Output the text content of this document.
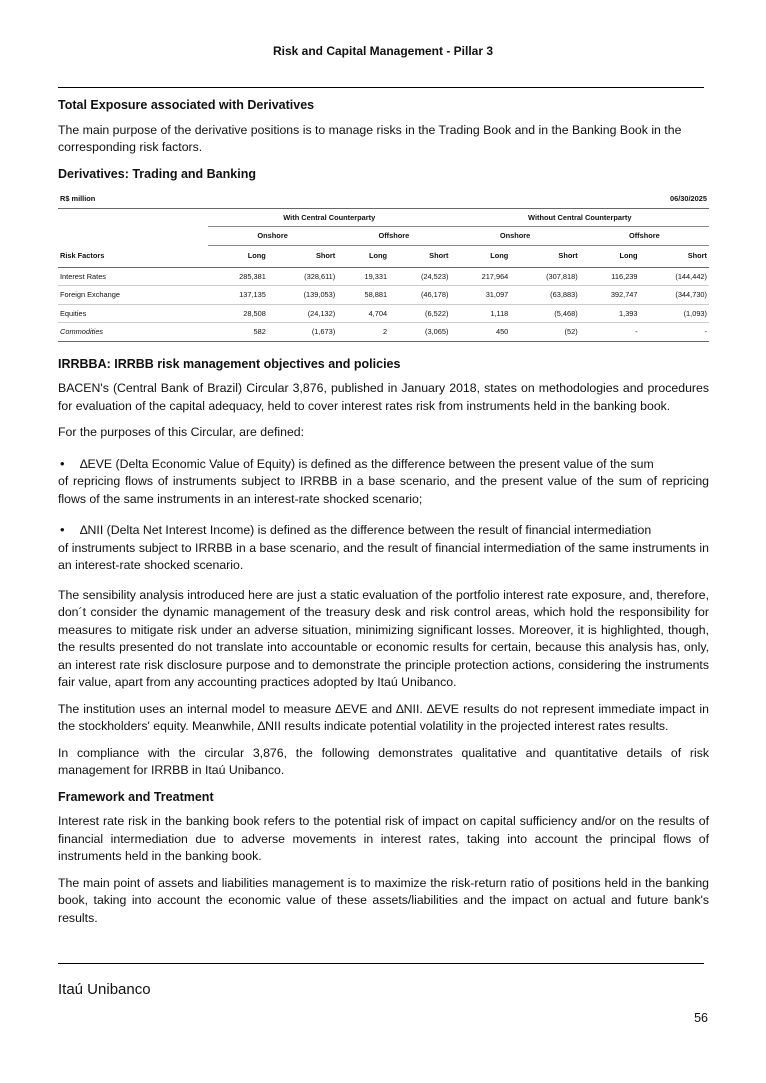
Risk and Capital Management - Pillar 3
Total Exposure associated with Derivatives

The main purpose of the derivative positions is to manage risks in the Trading Book and in the Banking Book in the corresponding risk factors.

Derivatives: Trading and Banking
R$ million	06/30/2025							
	With Central Counterparty				Without Central Counterparty			
	Onshore		Offshore		Onshore		Offshore	
Risk Factors	Long	Short	Long	Short	Long	Short	Long	Short
Interest Rates	285,381	(328,611)	19,331	(24,523)	217,964	(307,818)	116,239	(144,442)
Foreign Exchange	137,135	(139,053)	58,881	(46,178)	31,097	(63,883)	392,747	(344,730)
Equities	28,508	(24,132)	4,704	(6,522)	1,118	(5,468)	1,393	(1,093)
Commodities	582	(1,673)	2	(3,065)	450	(52)	-	-
IRRBBA: IRRBB risk management objectives and policies

BACEN's (Central Bank of Brazil) Circular 3,876, published in January 2018, states on methodologies and procedures for evaluation of the capital adequacy, held to cover interest rates risk from instruments held in the banking book.

For the purposes of this Circular, are defined:

•	∆EVE (Delta Economic Value of Equity) is defined as the difference between the present value of the sum
of repricing flows of instruments subject to IRRBB in a base scenario, and the present value of the sum of repricing flows of the same instruments in an interest-rate shocked scenario;
•	∆NII (Delta Net Interest Income) is defined as the difference between the result of financial intermediation
of instruments subject to IRRBB in a base scenario, and the result of financial intermediation of the same instruments in an interest-rate shocked scenario.

The sensibility analysis introduced here are just a static evaluation of the portfolio interest rate exposure, and, therefore, don´t consider the dynamic management of the treasury desk and risk control areas, which hold the responsibility for measures to mitigate risk under an adverse situation, minimizing significant losses. Moreover, it is highlighted, though, the results presented do not translate into accountable or economic results for certain, because this analysis has, only, an interest rate risk disclosure purpose and to demonstrate the principle protection actions, considering the instruments fair value, apart from any accounting practices adopted by Itaú Unibanco.

The institution uses an internal model to measure ∆EVE and ∆NII. ∆EVE results do not represent immediate impact in the stockholders' equity. Meanwhile, ∆NII results indicate potential volatility in the projected interest rates results.

In compliance with the circular 3,876, the following demonstrates qualitative and quantitative details of risk management for IRRBB in Itaú Unibanco.

Framework and Treatment

Interest rate risk in the banking book refers to the potential risk of impact on capital sufficiency and/or on the results of financial intermediation due to adverse movements in interest rates, taking into account the principal flows of instruments held in the banking book.

The main point of assets and liabilities management is to maximize the risk-return ratio of positions held in the banking book, taking into account the economic value of these assets/liabilities and the impact on actual and future bank's results.

Itaú Unibanco
56
